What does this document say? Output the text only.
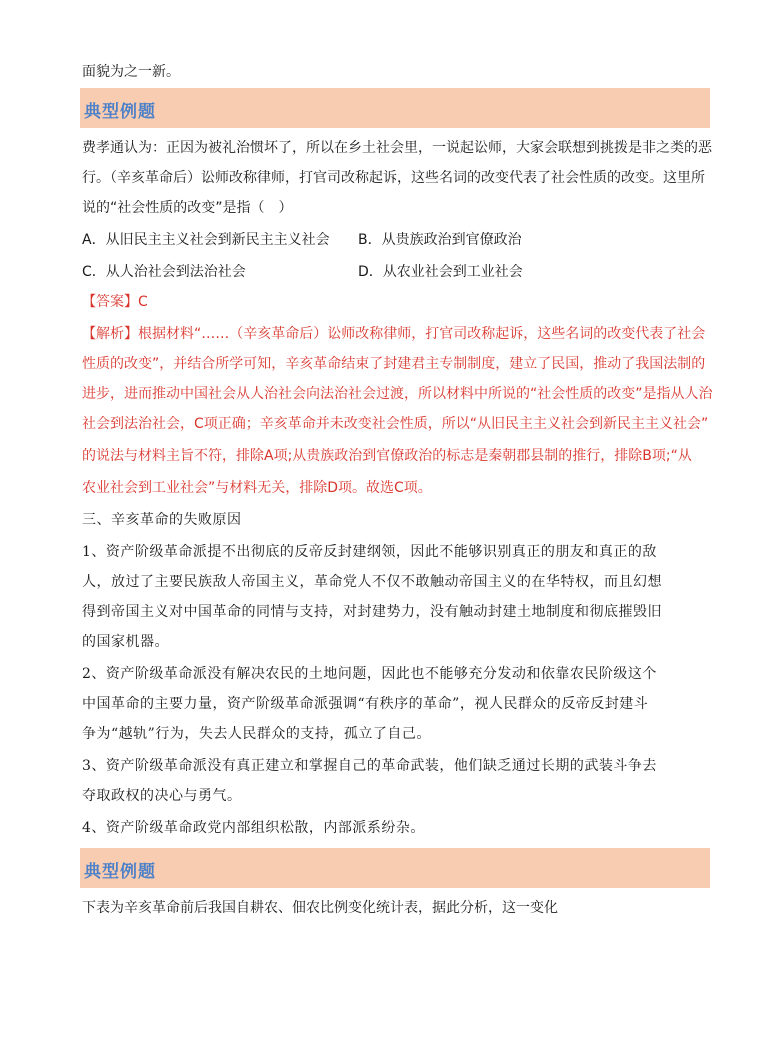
面貌为之一新。
典型例题
费孝通认为：正因为被礼治惯坏了，所以在乡土社会里，一说起讼师，大家会联想到挑拨是非之类的恶
行。（辛亥革命后）讼师改称律师，打官司改称起诉，这些名词的改变代表了社会性质的改变。这里所
说的“社会性质的改变”是指（　）
A．从旧民主主义社会到新民主主义社会 B．从贵族政治到官僚政治
C．从人治社会到法治社会	D．从农业社会到工业社会
【答案】C
【解析】根据材料“……（辛亥革命后）讼师改称律师，打官司改称起诉，这些名词的改变代表了社会
性质的改变”，并结合所学可知，辛亥革命结束了封建君主专制制度，建立了民国，推动了我国法制的
进步，进而推动中国社会从人治社会向法治社会过渡，所以材料中所说的“社会性质的改变”是指从人治
社会到法治社会，C项正确；辛亥革命并未改变社会性质，所以“从旧民主主义社会到新民主主义社会”
的说法与材料主旨不符，排除A项;从贵族政治到官僚政治的标志是秦朝郡县制的推行，排除B项;“从
农业社会到工业社会”与材料无关，排除D项。故选C项。
三、辛亥革命的失败原因
1、资产阶级革命派提不出彻底的反帝反封建纲领，因此不能够识别真正的朋友和真正的敌
人，放过了主要民族敌人帝国主义，革命党人不仅不敢触动帝国主义的在华特权，而且幻想
得到帝国主义对中国革命的同情与支持，对封建势力，没有触动封建土地制度和彻底摧毁旧
的国家机器。
2、资产阶级革命派没有解决农民的土地问题，因此也不能够充分发动和依靠农民阶级这个
中国革命的主要力量，资产阶级革命派强调“有秩序的革命”，视人民群众的反帝反封建斗
争为“越轨”行为，失去人民群众的支持，孤立了自己。
3、资产阶级革命派没有真正建立和掌握自己的革命武装，他们缺乏通过长期的武装斗争去
夺取政权的决心与勇气。
4、资产阶级革命政党内部组织松散，内部派系纷杂。
典型例题
下表为辛亥革命前后我国自耕农、佃农比例变化统计表，据此分析，这一变化
